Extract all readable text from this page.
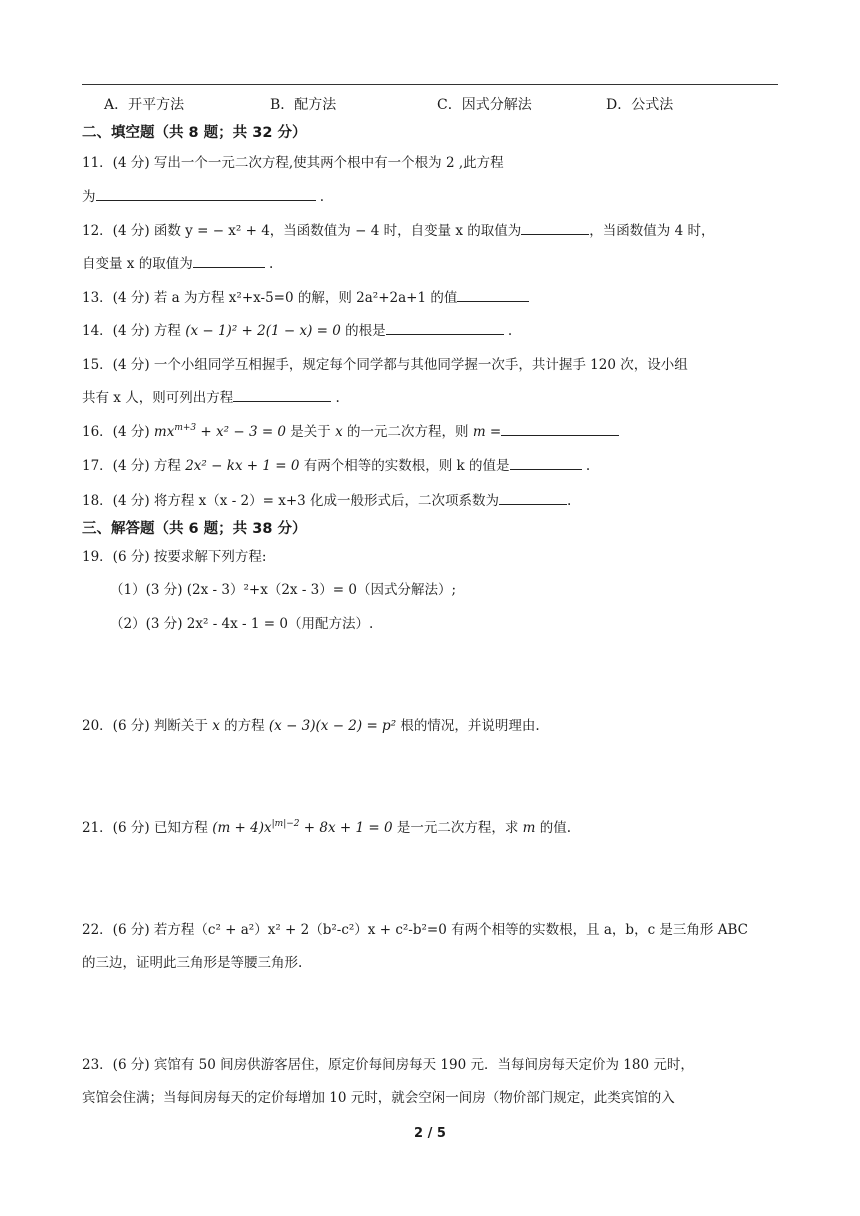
A．开平方法	B．配方法	C．因式分解法	D．公式法
二、填空题（共 8 题；共 32 分）
11．(4 分) 写出一个一元二次方程,使其两个根中有一个根为 2 ,此方程
为	.
12．(4 分) 函数 y = − x² + 4，当函数值为 − 4 时，自变量 x 的取值为	，当函数值为 4 时，
自变量 x 的取值为	.
13．(4 分) 若 a 为方程 x²+x-5=0 的解，则 2a²+2a+1 的值
14．(4 分) 方程 (x − 1)² + 2(1 − x) = 0 的根是	.
15．(4 分) 一个小组同学互相握手，规定每个同学都与其他同学握一次手，共计握手 120 次，设小组
共有 x 人，则可列出方程	.
16．(4 分) $mx^{m+3} + x^2 - 3 = 0$ 是关于 x 的一元二次方程，则 m =
17．(4 分) 方程 2x² − kx + 1 = 0 有两个相等的实数根，则 k 的值是	.
18．(4 分) 将方程 x（x - 2）= x+3 化成一般形式后，二次项系数为	.
三、解答题（共 6 题；共 38 分）
19．(6 分) 按要求解下列方程:
（1）(3 分) (2x - 3）²+x（2x - 3）= 0（因式分解法）;
（2）(3 分) 2x² - 4x - 1 = 0（用配方法）.
20．(6 分) 判断关于 x 的方程 (x − 3)(x − 2) = p² 根的情况，并说明理由.
21．(6 分) 已知方程 $(m + 4)x^{|m|-2} + 8x + 1 = 0$ 是一元二次方程，求 m 的值.
22．(6 分) 若方程（c² + a²）x² + 2（b²-c²）x + c²-b²=0 有两个相等的实数根，且 a，b，c 是三角形 ABC
的三边，证明此三角形是等腰三角形.
23．(6 分) 宾馆有 50 间房供游客居住，原定价每间房每天 190 元．当每间房每天定价为 180 元时，
宾馆会住满；当每间房每天的定价每增加 10 元时，就会空闲一间房（物价部门规定，此类宾馆的入
2 / 5
